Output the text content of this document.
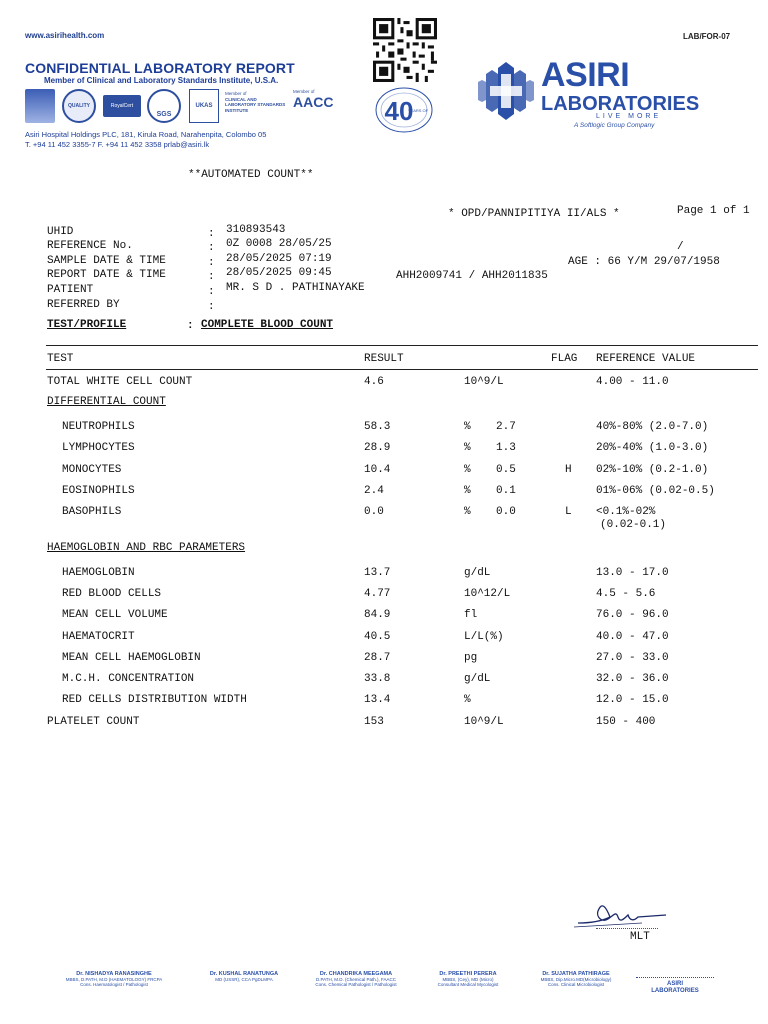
www.asirihealth.com	LAB/FOR-07
CONFIDENTIAL LABORATORY REPORT
Member of Clinical and Laboratory Standards Institute, U.S.A.
QUALITY	RoyalCert
SGS
UKAS
Member of
CLINICAL AND LABORATORY STANDARDS INSTITUTE
Member of
AACC
Asiri Hospital Holdings PLC, 181, Kirula Road, Narahenpita, Colombo 05
T. +94 11 452 3355-7 F. +94 11 452 3358 prlab@asiri.lk
40
YEARS OF
ASIRI
LABORATORIES
LIVE MORE
A Softlogic Group Company
**AUTOMATED COUNT**
* OPD/PANNIPITIYA II/ALS *	Page 1 of 1
UHID	: 310893543
REFERENCE No.	: 0Z 0008 28/05/25
SAMPLE DATE & TIME	: 28/05/2025 07:19
REPORT DATE & TIME	: 28/05/2025 09:45
PATIENT	: MR. S D . PATHINAYAKE
REFERRED BY	:
AHH2009741 / AHH2011835
/
AGE : 66 Y/M 29/07/1958
TEST/PROFILE	: COMPLETE BLOOD COUNT
TEST	RESULT	FLAG REFERENCE VALUE
TOTAL WHITE CELL COUNT	4.6	10^9/L	4.00 - 11.0
DIFFERENTIAL COUNT
NEUTROPHILS	58.3	% 2.7	40%-80% (2.0-7.0)
LYMPHOCYTES	28.9	% 1.3	20%-40% (1.0-3.0)
MONOCYTES	10.4	% 0.5	H 02%-10% (0.2-1.0)
EOSINOPHILS	2.4	% 0.1	01%-06% (0.02-0.5)
BASOPHILS	0.0	% 0.0	L <0.1%-02%
(0.02-0.1)
HAEMOGLOBIN AND RBC PARAMETERS
HAEMOGLOBIN	13.7	g/dL	13.0 - 17.0
RED BLOOD CELLS	4.77	10^12/L	4.5 - 5.6
MEAN CELL VOLUME	84.9	fl	76.0 - 96.0
HAEMATOCRIT	40.5	L/L(%)	40.0 - 47.0
MEAN CELL HAEMOGLOBIN	28.7	pg	27.0 - 33.0
M.C.H. CONCENTRATION	33.8	g/dL	32.0 - 36.0
RED CELLS DISTRIBUTION WIDTH	13.4	%	12.0 - 15.0
PLATELET COUNT	153	10^9/L	150 - 400
MLT
Dr. NISHADYA RANASINGHE
MBBS, D.PATH, M.D (HAEMATOLOGY) FRCPA
Cons. Haematologist / Pathologist
Dr. KUSHAL RANATUNGA
MD (USSR), CCA PgDLMPA
Dr. CHANDRIKA MEEGAMA
D.PATH, M.D. (Chemical Path.), FAACC
Cons. Chemical Pathologist / Pathologist
Dr. PREETHI PERERA
MBBS, (Cey), MD (Micro)
Consultant Medical Mycologist
Dr. SUJATHA PATHIRAGE
MBBS, Dip.Micro.MD(Microbiology)
Cons. Clinical Microbiologist	ASIRI
LABORATORIES
